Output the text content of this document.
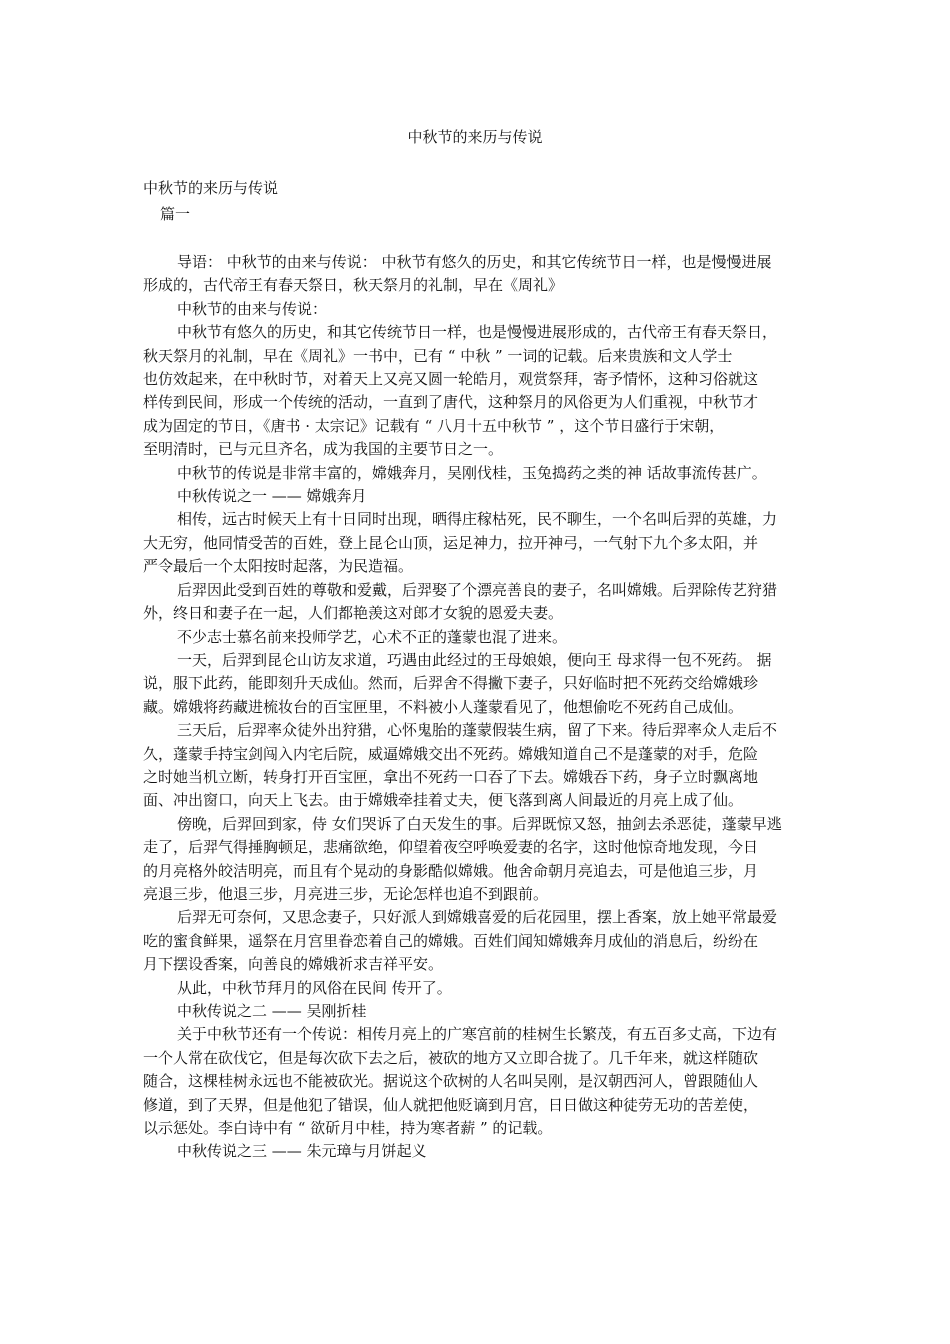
中秋节的来历与传说
中秋节的来历与传说
篇一
导语： 中秋节的由来与传说： 中秋节有悠久的历史，和其它传统节日一样，也是慢慢进展
形成的，古代帝王有春天祭日，秋天祭月的礼制，早在《周礼》
中秋节的由来与传说：
中秋节有悠久的历史，和其它传统节日一样，也是慢慢进展形成的，古代帝王有春天祭日，
秋天祭月的礼制，早在《周礼》一书中，已有 “ 中秋 ” 一词的记载。后来贵族和文人学士
也仿效起来，在中秋时节，对着天上又亮又圆一轮皓月，观赏祭拜，寄予情怀，这种习俗就这
样传到民间，形成一个传统的活动，一直到了唐代，这种祭月的风俗更为人们重视，中秋节才
成为固定的节日，《唐书 · 太宗记》记载有 “ 八月十五中秋节 ” ，这个节日盛行于宋朝，
至明清时，已与元旦齐名，成为我国的主要节日之一。
中秋节的传说是非常丰富的，嫦娥奔月，吴刚伐桂，玉兔捣药之类的神 话故事流传甚广。
中秋传说之一 —— 嫦娥奔月
相传，远古时候天上有十日同时出现，晒得庄稼枯死，民不聊生，一个名叫后羿的英雄，力
大无穷，他同情受苦的百姓，登上昆仑山顶，运足神力，拉开神弓，一气射下九个多太阳，并
严令最后一个太阳按时起落，为民造福。
后羿因此受到百姓的尊敬和爱戴，后羿娶了个漂亮善良的妻子，名叫嫦娥。后羿除传艺狩猎
外，终日和妻子在一起，人们都艳羡这对郎才女貌的恩爱夫妻。
不少志士慕名前来投师学艺，心术不正的蓬蒙也混了进来。
一天，后羿到昆仑山访友求道，巧遇由此经过的王母娘娘，便向王 母求得一包不死药。 据
说，服下此药，能即刻升天成仙。然而，后羿舍不得撇下妻子，只好临时把不死药交给嫦娥珍
藏。嫦娥将药藏进梳妆台的百宝匣里，不料被小人蓬蒙看见了，他想偷吃不死药自己成仙。
三天后，后羿率众徒外出狩猎，心怀鬼胎的蓬蒙假装生病，留了下来。待后羿率众人走后不
久，蓬蒙手持宝剑闯入内宅后院，威逼嫦娥交出不死药。嫦娥知道自己不是蓬蒙的对手，危险
之时她当机立断，转身打开百宝匣，拿出不死药一口吞了下去。嫦娥吞下药，身子立时飘离地
面、冲出窗口，向天上飞去。由于嫦娥牵挂着丈夫，便飞落到离人间最近的月亮上成了仙。
傍晚，后羿回到家，侍 女们哭诉了白天发生的事。后羿既惊又怒，抽剑去杀恶徒，蓬蒙早逃
走了，后羿气得捶胸顿足，悲痛欲绝，仰望着夜空呼唤爱妻的名字，这时他惊奇地发现，今日
的月亮格外皎洁明亮，而且有个晃动的身影酷似嫦娥。他舍命朝月亮追去，可是他追三步，月
亮退三步，他退三步，月亮进三步，无论怎样也追不到跟前。
后羿无可奈何，又思念妻子，只好派人到嫦娥喜爱的后花园里，摆上香案，放上她平常最爱
吃的蜜食鲜果，遥祭在月宫里眷恋着自己的嫦娥。百姓们闻知嫦娥奔月成仙的消息后，纷纷在
月下摆设香案，向善良的嫦娥祈求吉祥平安。
从此，中秋节拜月的风俗在民间 传开了。
中秋传说之二 —— 吴刚折桂
关于中秋节还有一个传说：相传月亮上的广寒宫前的桂树生长繁茂，有五百多丈高，下边有
一个人常在砍伐它，但是每次砍下去之后，被砍的地方又立即合拢了。几千年来，就这样随砍
随合，这棵桂树永远也不能被砍光。据说这个砍树的人名叫吴刚，是汉朝西河人，曾跟随仙人
修道，到了天界，但是他犯了错误，仙人就把他贬谪到月宫，日日做这种徒劳无功的苦差使，
以示惩处。李白诗中有 “ 欲斫月中桂，持为寒者薪 ” 的记载。
中秋传说之三 —— 朱元璋与月饼起义
